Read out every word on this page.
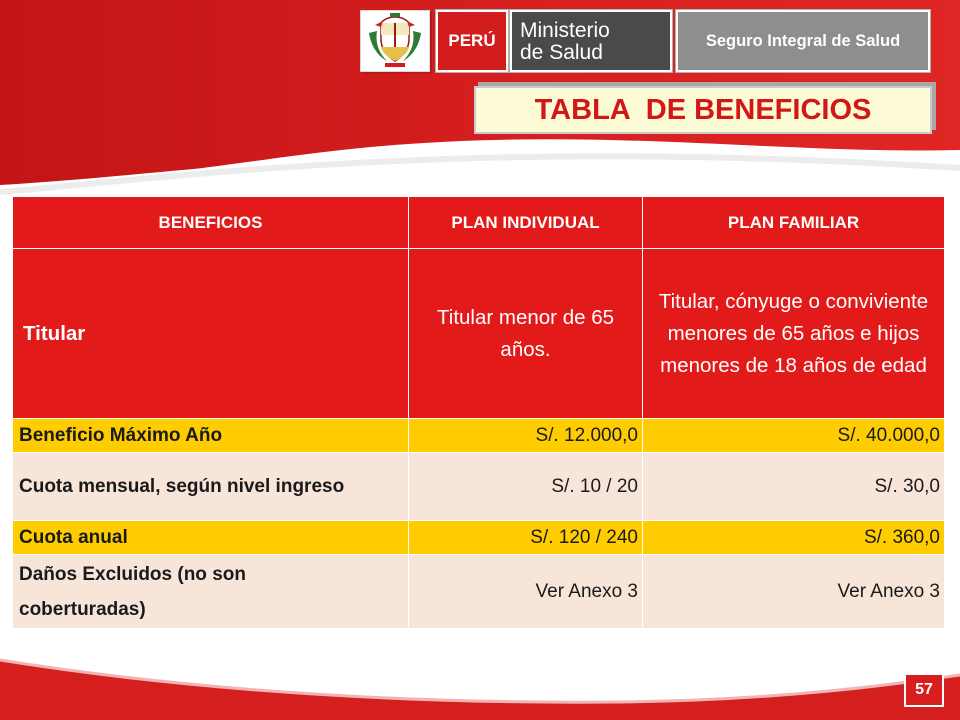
PERÚ	Ministerio
de Salud	Seguro Integral de Salud
TABLA  DE BENEFICIOS
BENEFICIOS	PLAN INDIVIDUAL	PLAN FAMILIAR
Titular	Titular menor de 65 años.	Titular, cónyuge o conviviente menores de 65 años e hijos menores de 18 años de edad
Beneficio Máximo Año	S/. 12.000,0	S/. 40.000,0
Cuota mensual, según nivel ingreso	S/. 10 / 20	S/. 30,0
Cuota anual	S/. 120 / 240	S/. 360,0
Daños Excluidos (no son coberturadas)	Ver Anexo 3	Ver Anexo 3
57
